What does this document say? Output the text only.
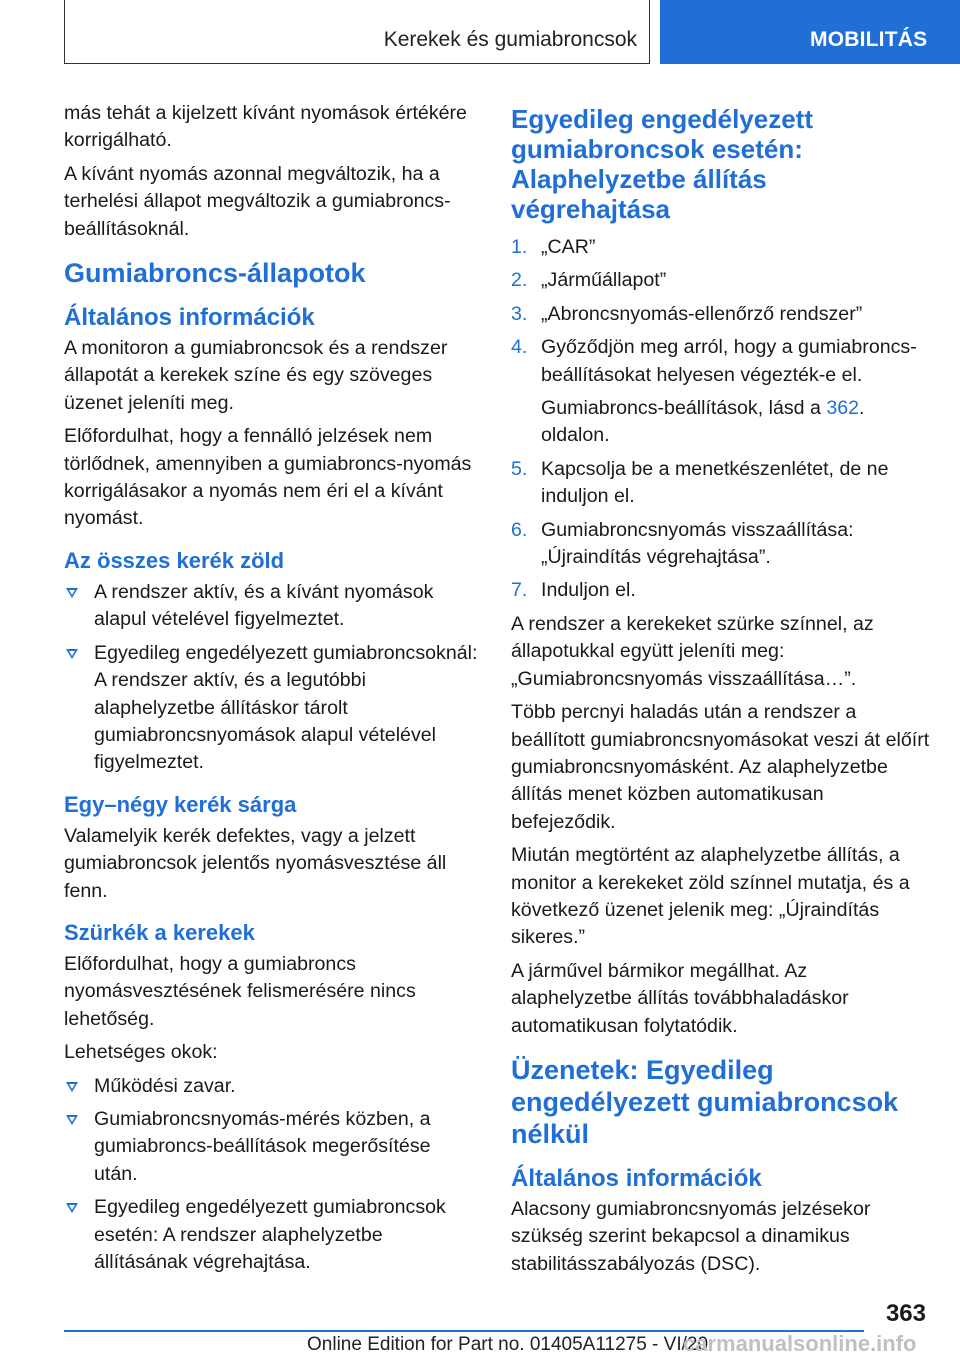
Kerekek és gumiabroncsok	MOBILITÁS

más tehát a kijelzett kívánt nyomások értékére korrigálható.

A kívánt nyomás azonnal megváltozik, ha a terhelési állapot megváltozik a gumiabroncs-beállításoknál.

Gumiabroncs-állapotok
Általános információk

A monitoron a gumiabroncsok és a rendszer állapotát a kerekek színe és egy szöveges üzenet jeleníti meg.

Előfordulhat, hogy a fennálló jelzések nem törlődnek, amennyiben a gumiabroncs-nyomás korrigálásakor a nyomás nem éri el a kívánt nyomást.

Az összes kerék zöld
A rendszer aktív, és a kívánt nyomások alapul vételével figyelmeztet.
Egyedileg engedélyezett gumiabroncsoknál: A rendszer aktív, és a legutóbbi alaphelyzetbe állításkor tárolt gumiabroncsnyomások alapul vételével figyelmeztet.
Egy–négy kerék sárga

Valamelyik kerék defektes, vagy a jelzett gumiabroncsok jelentős nyomásvesztése áll fenn.

Szürkék a kerekek

Előfordulhat, hogy a gumiabroncs nyomásvesztésének felismerésére nincs lehetőség.

Lehetséges okok:

Működési zavar.
Gumiabroncsnyomás-mérés közben, a gumiabroncs-beállítások megerősítése után.
Egyedileg engedélyezett gumiabroncsok esetén: A rendszer alaphelyzetbe állításának végrehajtása.
Egyedileg engedélyezett gumiabroncsok esetén: Alaphelyzetbe állítás végrehajtása
1. „CAR”
2. „Járműállapot”
3. „Abroncsnyomás-ellenőrző rendszer”
4. Győződjön meg arról, hogy a gumiabroncs-beállításokat helyesen végezték-e el.
Gumiabroncs-beállítások, lásd a 362. oldalon.
5. Kapcsolja be a menetkészenlétet, de ne induljon el.
6. Gumiabroncsnyomás visszaállítása: „Újraindítás végrehajtása”.
7. Induljon el.

A rendszer a kerekeket szürke színnel, az állapotukkal együtt jeleníti meg: „Gumiabroncsnyomás visszaállítása…”.

Több percnyi haladás után a rendszer a beállított gumiabroncsnyomásokat veszi át előírt gumiabroncsnyomásként. Az alaphelyzetbe állítás menet közben automatikusan befejeződik.

Miután megtörtént az alaphelyzetbe állítás, a monitor a kerekeket zöld színnel mutatja, és a következő üzenet jelenik meg: „Újraindítás sikeres.”

A járművel bármikor megállhat. Az alaphelyzetbe állítás továbbhaladáskor automatikusan folytatódik.

Üzenetek: Egyedileg engedélyezett gumiabroncsok nélkül
Általános információk

Alacsony gumiabroncsnyomás jelzésekor szükség szerint bekapcsol a dinamikus stabilitásszabályozás (DSC).

363
Online Edition for Part no. 01405A11275 - VI/20
carmanualsonline.info
